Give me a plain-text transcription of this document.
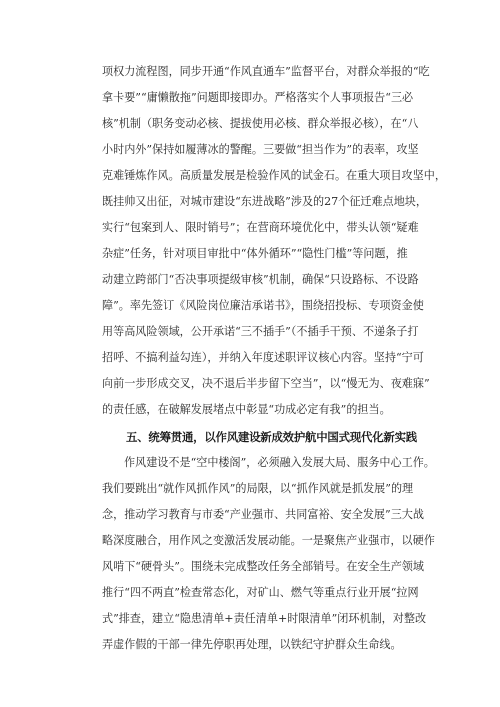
项权力流程图，同步开通“作风直通车”监督平台，对群众举报的“吃
拿卡要”“庸懒散拖”问题即接即办。严格落实个人事项报告“三必
核”机制（职务变动必核、提拔使用必核、群众举报必核），在“八
小时内外”保持如履薄冰的警醒。三要做“担当作为”的表率，攻坚
克难锤炼作风。高质量发展是检验作风的试金石。在重大项目攻坚中，
既挂帅又出征，对城市建设“东进战略”涉及的27个征迁难点地块，
实行“包案到人、限时销号”；在营商环境优化中，带头认领“疑难
杂症”任务，针对项目审批中“体外循环”“隐性门槛”等问题，推
动建立跨部门“否决事项提级审核”机制，确保“只设路标、不设路
障”。率先签订《风险岗位廉洁承诺书》，围绕招投标、专项资金使
用等高风险领域，公开承诺“三不插手”（不插手干预、不递条子打
招呼、不搞利益勾连），并纳入年度述职评议核心内容。坚持“宁可
向前一步形成交叉，决不退后半步留下空当”，以“慢无为、夜难寐”
的责任感，在破解发展堵点中彰显“功成必定有我”的担当。
五、统筹贯通，以作风建设新成效护航中国式现代化新实践
作风建设不是“空中楼阁”，必须融入发展大局、服务中心工作。
我们要跳出“就作风抓作风”的局限，以“抓作风就是抓发展”的理
念，推动学习教育与市委“产业强市、共同富裕、安全发展”三大战
略深度融合，用作风之变激活发展动能。一是聚焦产业强市，以硬作
风啃下“硬骨头”。围绕未完成整改任务全部销号。在安全生产领域
推行“四不两直”检查常态化，对矿山、燃气等重点行业开展“拉网
式”排查，建立“隐患清单+责任清单+时限清单”闭环机制，对整改
弄虚作假的干部一律先停职再处理，以铁纪守护群众生命线。
